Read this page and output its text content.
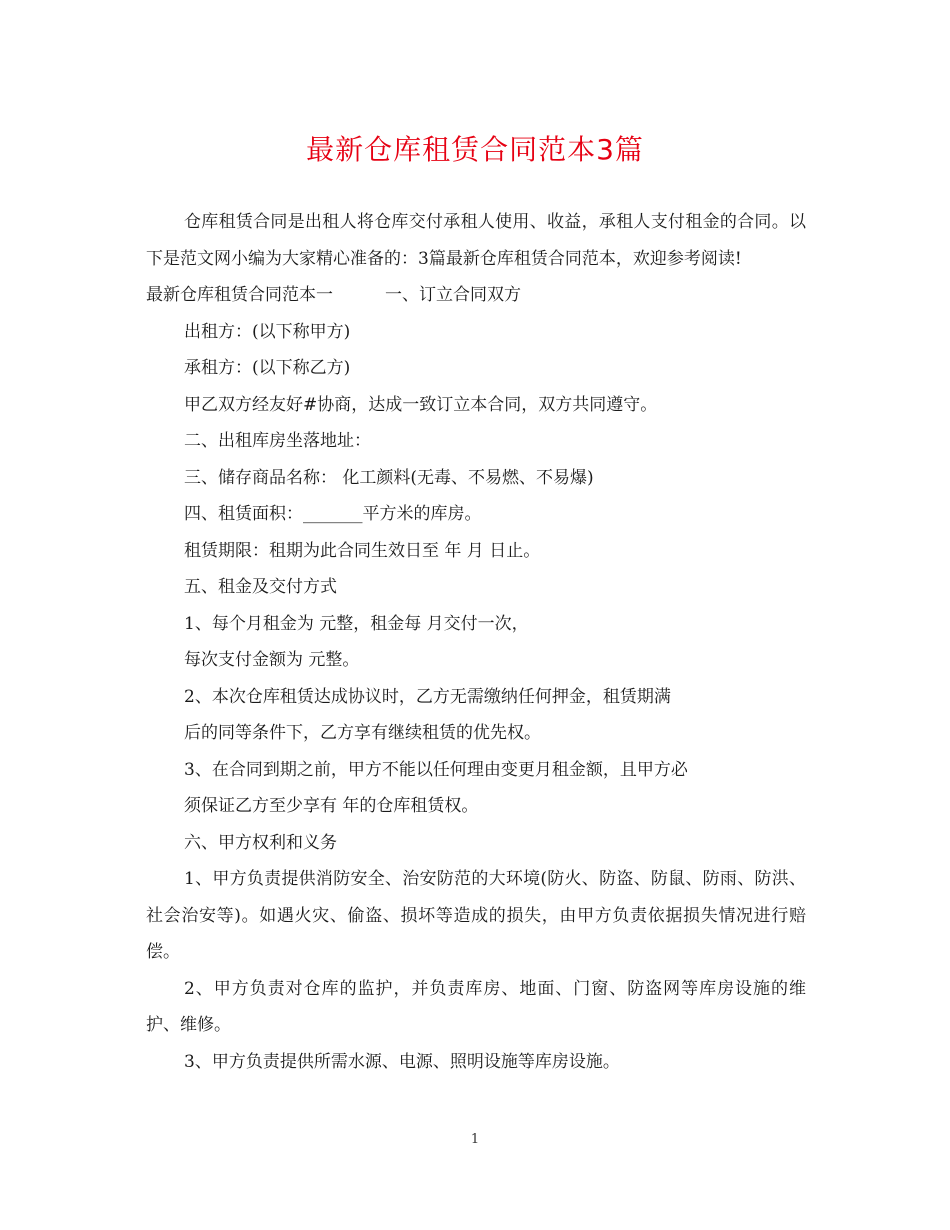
最新仓库租赁合同范本3篇

仓库租赁合同是出租人将仓库交付承租人使用、收益，承租人支付租金的合同。以下是范文网小编为大家精心准备的：3篇最新仓库租赁合同范本，欢迎参考阅读!

最新仓库租赁合同范本一	一、订立合同双方

出租方：(以下称甲方)

承租方：(以下称乙方)

甲乙双方经友好#协商，达成一致订立本合同，双方共同遵守。

二、出租库房坐落地址：

三、储存商品名称： 化工颜料(无毒、不易燃、不易爆)

四、租赁面积：_______平方米的库房。

租赁期限：租期为此合同生效日至 年 月 日止。

五、租金及交付方式

1、每个月租金为 元整，租金每 月交付一次，

每次支付金额为 元整。

2、本次仓库租赁达成协议时，乙方无需缴纳任何押金，租赁期满

后的同等条件下，乙方享有继续租赁的优先权。

3、在合同到期之前，甲方不能以任何理由变更月租金额，且甲方必

须保证乙方至少享有 年的仓库租赁权。

六、甲方权利和义务

1、甲方负责提供消防安全、治安防范的大环境(防火、防盗、防鼠、防雨、防洪、社会治安等)。如遇火灾、偷盗、损坏等造成的损失，由甲方负责依据损失情况进行赔偿。

2、甲方负责对仓库的监护，并负责库房、地面、门窗、防盗网等库房设施的维护、维修。

3、甲方负责提供所需水源、电源、照明设施等库房设施。

1
